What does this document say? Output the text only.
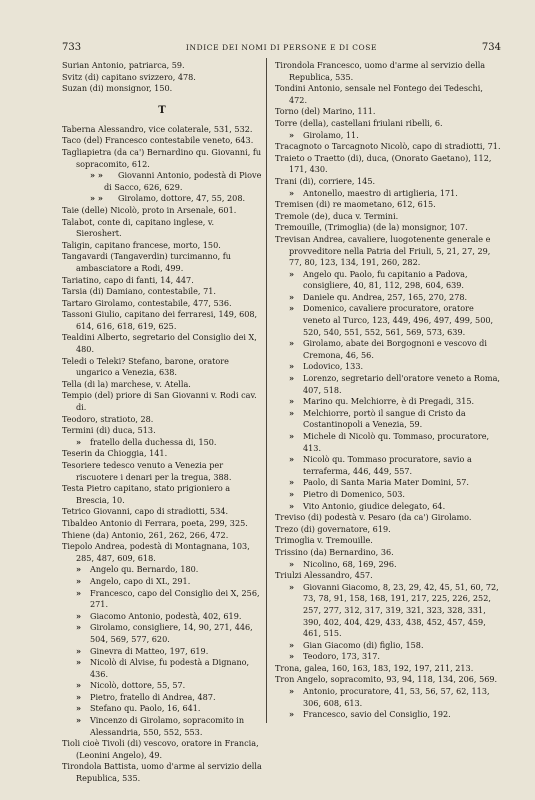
733	INDICE DEI NOMI DI PERSONE E DI COSE	734
Surian Antonio, patriarca, 59.
Svitz (di) capitano svizzero, 478.
Suzan (di) monsignor, 150.
T
Taberna Alessandro, vice colaterale, 531, 532.
Taco (del) Francesco contestabile veneto, 643.
Tagliapietra (da ca') Bernardino qu. Giovanni, fu sopracomito, 612.
» » Giovanni Antonio, podestà di Piove di Sacco, 626, 629.
» » Girolamo, dottore, 47, 55, 208.
Taie (delle) Nicolò, proto in Arsenale, 601.
Talabot, conte di, capitano inglese, v. Sieroshert.
Taligin, capitano francese, morto, 150.
Tangavardi (Tangaverdin) turcimanno, fu ambasciatore a Rodi, 499.
Tariatino, capo di fanti, 14, 447.
Tarsia (di) Damiano, contestabile, 71.
Tartaro Girolamo, contestabile, 477, 536.
Tassoni Giulio, capitano dei ferraresi, 149, 608, 614, 616, 618, 619, 625.
Tealdini Alberto, segretario del Consiglio dei X, 480.
Teledi o Teleki? Stefano, barone, oratore ungarico a Venezia, 638.
Tella (di la) marchese, v. Atella.
Tempio (del) priore di San Giovanni v. Rodi cav. di.
Teodoro, stratioto, 28.
Termini (di) duca, 513.
» fratello della duchessa di, 150.
Teserin da Chioggia, 141.
Tesoriere tedesco venuto a Venezia per riscuotere i denari per la tregua, 388.
Testa Pietro capitano, stato prigioniero a Brescia, 10.
Tetrico Giovanni, capo di stradiotti, 534.
Tibaldeo Antonio di Ferrara, poeta, 299, 325.
Thiene (da) Antonio, 261, 262, 266, 472.
Tiepolo Andrea, podestà di Montagnana, 103, 285, 487, 609, 618.
» Angelo qu. Bernardo, 180.
» Angelo, capo di XL, 291.
» Francesco, capo del Consiglio dei X, 256, 271.
» Giacomo Antonio, podestà, 402, 619.
» Girolamo, consigliere, 14, 90, 271, 446, 504, 569, 577, 620.
» Ginevra di Matteo, 197, 619.
» Nicolò di Alvise, fu podestà a Dignano, 436.
» Nicolò, dottore, 55, 57.
» Pietro, fratello di Andrea, 487.
» Stefano qu. Paolo, 16, 641.
» Vincenzo di Girolamo, sopracomito in Alessandria, 550, 552, 553.
Tioli cioè Tivoli (di) vescovo, oratore in Francia, (Leonini Angelo), 49.
Tirondola Battista, uomo d'arme al servizio della Republica, 535.
Tirondola Francesco, uomo d'arme al servizio della Republica, 535.
Tondini Antonio, sensale nel Fontego dei Tedeschi, 472.
Torno (del) Marino, 111.
Torre (della), castellani friulani ribelli, 6.
» Girolamo, 11.
Tracagnoto o Tarcagnoto Nicolò, capo di stradiotti, 71.
Traieto o Traetto (di), duca, (Onorato Gaetano), 112, 171, 430.
Trani (di), corriere, 145.
» Antonello, maestro di artiglieria, 171.
Tremisen (di) re maometano, 612, 615.
Tremole (de), duca v. Termini.
Tremouille, (Trimoglia) (de la) monsignor, 107.
Trevisan Andrea, cavaliere, luogotenente generale e provveditore nella Patria del Friuli, 5, 21, 27, 29, 77, 80, 123, 134, 191, 260, 282.
» Angelo qu. Paolo, fu capitanio a Padova, consigliere, 40, 81, 112, 298, 604, 639.
» Daniele qu. Andrea, 257, 165, 270, 278.
» Domenico, cavaliere procuratore, oratore veneto al Turco, 123, 449, 496, 497, 499, 500, 520, 540, 551, 552, 561, 569, 573, 639.
» Girolamo, abate dei Borgognoni e vescovo di Cremona, 46, 56.
» Lodovico, 133.
» Lorenzo, segretario dell'oratore veneto a Roma, 407, 518.
» Marino qu. Melchiorre, è di Pregadi, 315.
» Melchiorre, portò il sangue di Cristo da Costantinopoli a Venezia, 59.
» Michele di Nicolò qu. Tommaso, procuratore, 413.
» Nicolò qu. Tommaso procuratore, savio a terraferma, 446, 449, 557.
» Paolo, di Santa Maria Mater Domini, 57.
» Pietro di Domenico, 503.
» Vito Antonio, giudice delegato, 64.
Treviso (di) podestà v. Pesaro (da ca') Girolamo.
Trezo (di) governatore, 619.
Trimoglia v. Tremouille.
Trissino (da) Bernardino, 36.
» Nicolino, 68, 169, 296.
Triulzi Alessandro, 457.
» Giovanni Giacomo, 8, 23, 29, 42, 45, 51, 60, 72, 73, 78, 91, 158, 168, 191, 217, 225, 226, 252, 257, 277, 312, 317, 319, 321, 323, 328, 331, 390, 402, 404, 429, 433, 438, 452, 457, 459, 461, 515.
» Gian Giacomo (di) figlio, 158.
» Teodoro, 173, 317.
Trona, galea, 160, 163, 183, 192, 197, 211, 213.
Tron Angelo, sopracomito, 93, 94, 118, 134, 206, 569.
» Antonio, procuratore, 41, 53, 56, 57, 62, 113, 306, 608, 613.
» Francesco, savio del Consiglio, 192.
